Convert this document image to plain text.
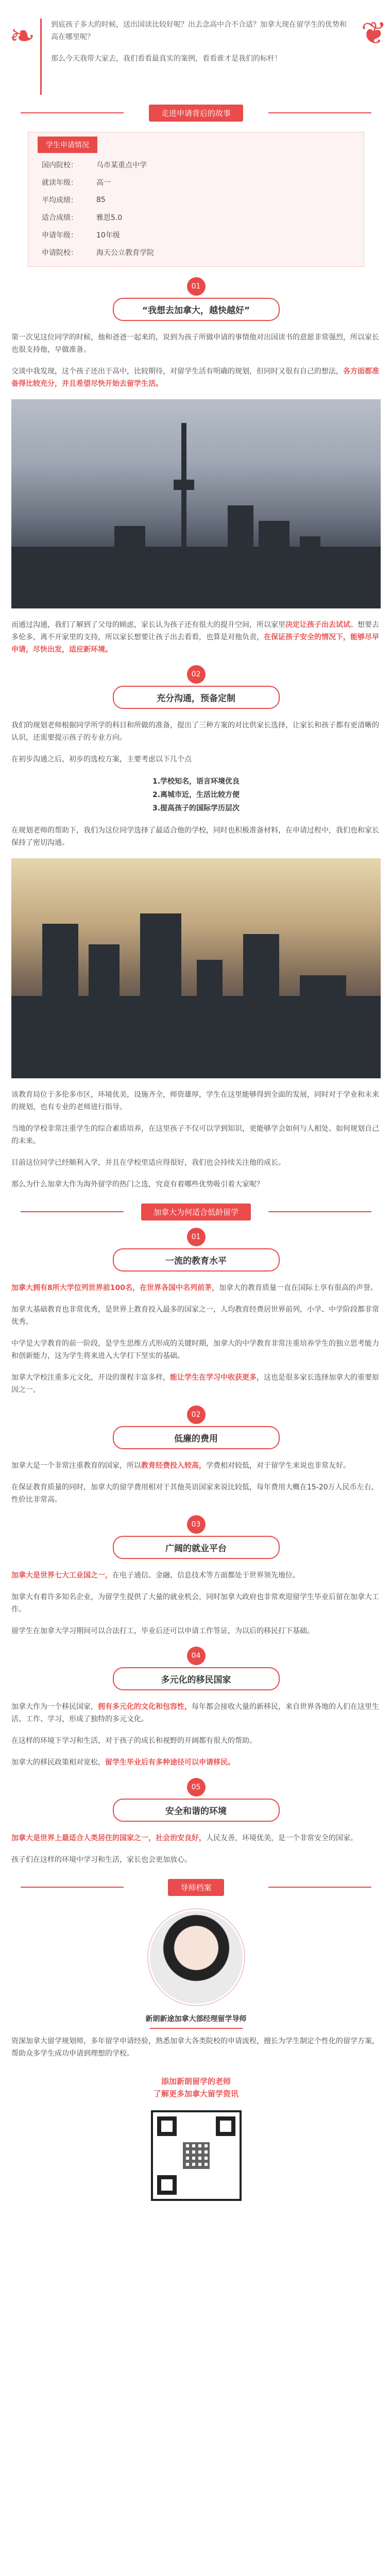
❧	❦

到底孩子多大的时候，送出国读比较好呢？出去念高中合不合适？加拿大现在留学生的优势和高在哪里呢？

那么今天我带大家去，我们看看最真实的案例，看看谁才是我们的标杆！

走进申请背后的故事
学生申请情况
国内院校：	乌市某重点中学
就读年级：	高一
平均成绩：	85
适合成绩：	雅思5.0
申请年级：	10年级
申请院校：	海天公立教育学院
01
“我想去加拿大，越快越好”

第一次见这位同学的时候，他和爸爸一起来的，说到为孩子所做申请的事情他对出国读书的意愿非常强烈，所以家长也很支持他，早做准备。

交谈中我发现，这个孩子还出于高中，比较期待，对留学生活有明确的规划，但同时又很有自己的想法，各方面都准备得比较充分，并且希望尽快开始去留学生活。

而通过沟通，我们了解到了父母的顾虑，家长认为孩子还有很大的提升空间，所以家里决定让孩子出去试试。想要去多伦多，离不开家里的支持，所以家长想要让孩子出去看看，也算是对他负责，在保证孩子安全的情况下，能够尽早申请，尽快出发，适应新环境。

02
充分沟通，预备定制

我们的规划老师根据同学所学的科目和所做的准备，提出了三种方案的对比供家长选择，让家长和孩子都有更清晰的认识，还需要提示孩子的专业方向。

在初步沟通之后，初步的选校方案，主要考虑以下几个点

1.学校知名，语言环境优良
2.离城市近，生活比较方便
3.提高孩子的国际学历层次

在规划老师的帮助下，我们为这位同学选择了最适合他的学校，同时也积极准备材料，在申请过程中，我们也和家长保持了密切沟通。

该教育局位于多伦多市区，环境优美，设施齐全，师资雄厚，学生在这里能够得到全面的发展，同时对于学业和未来的规划，也有专业的老师进行指导。

当地的学校非常注重学生的综合素质培养，在这里孩子不仅可以学到知识，更能够学会如何与人相处、如何规划自己的未来。

目前这位同学已经顺利入学，并且在学校里适应得很好，我们也会持续关注他的成长。

那么为什么加拿大作为海外留学的热门之选，究竟有着哪些优势吸引着大家呢？

加拿大为何适合低龄留学
01
一流的教育水平

加拿大拥有8所大学位列世界前100名，在世界各国中名列前茅，加拿大的教育质量一直在国际上享有很高的声誉。

加拿大基础教育也非常优秀，是世界上教育投入最多的国家之一，人均教育经费居世界前列，小学、中学阶段都非常优秀。

中学是大学教育的前一阶段，是学生思维方式形成的关键时期，加拿大的中学教育非常注重培养学生的独立思考能力和创新能力，这为学生将来进入大学打下坚实的基础。

加拿大学校注重多元文化，开设的课程丰富多样，能让学生在学习中收获更多，这也是很多家长选择加拿大的重要原因之一。

02
低廉的费用

加拿大是一个非常注重教育的国家，所以教育经费投入较高，学费相对较低，对于留学生来说也非常友好。

在保证教育质量的同时，加拿大的留学费用相对于其他英语国家来说比较低，每年费用大概在15-20万人民币左右，性价比非常高。

03
广阔的就业平台

加拿大是世界七大工业国之一，在电子通信、金融、信息技术等方面都处于世界领先地位。

加拿大有着许多知名企业，为留学生提供了大量的就业机会，同时加拿大政府也非常欢迎留学生毕业后留在加拿大工作。

留学生在加拿大学习期间可以合法打工，毕业后还可以申请工作签证，为以后的移民打下基础。

04
多元化的移民国家

加拿大作为一个移民国家，拥有多元化的文化和包容性，每年都会接收大量的新移民，来自世界各地的人们在这里生活、工作、学习，形成了独特的多元文化。

在这样的环境下学习和生活，对于孩子的成长和视野的开阔都有很大的帮助。

加拿大的移民政策相对宽松，留学生毕业后有多种途径可以申请移民。

05
安全和谐的环境

加拿大是世界上最适合人类居住的国家之一，社会治安良好，人民友善，环境优美，是一个非常安全的国家。

孩子们在这样的环境中学习和生活，家长也会更加放心。

导师档案
新朗新途加拿大部经理留学导师

资深加拿大留学规划师，多年留学申请经验，熟悉加拿大各类院校的申请流程，擅长为学生制定个性化的留学方案，帮助众多学生成功申请到理想的学校。

添加新朗留学的老师
了解更多加拿大留学资讯
